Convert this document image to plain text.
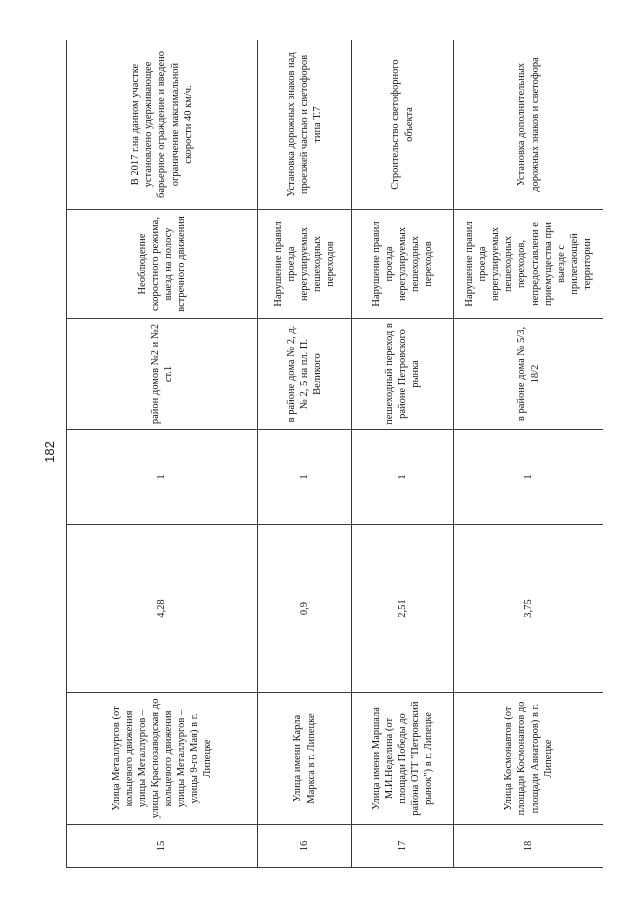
182
15	Улица Металлургов (от кольцевого движения улицы Металлургов – улицы Краснозаводская до кольцевого движения улицы Металлургов – улицы 9-го Мая) в г. Липецке	4,28	1	район домов №2 и №2 ст.1	Необлюдение скоростного режима, выезд на полосу встречного движения	В 2017 г.на данном участке установлено удерживающее барьерное ограждение и введено ограничение максимальной скорости 40 км/ч.
16	Улица имени Карла Маркса в г. Липецке	0,9	1	в районе дома № 2, д. № 2, 5 на пл. П. Великого	Нарушение правил проезда нерегулируемых пешеходных переходов	Установка дорожных знаков над проезжей частью и светофоров типа Т.7
17	Улица имени Маршала М.И.Неделина (от площади Победы до района ОТТ "Петровский рынок") в г. Липецке	2,51	1	пешеходный переход в районе Петровского рынка	Нарушение правил проезда нерегулируемых пешеходных переходов	Строительство светофорного объекта
18	Улица Космонавтов (от площади Космонавтов до площади Авиаторов) в г. Липецке	3,75	1	в районе дома № 5/3, 18/2	Нарушение правил проезда нерегулируемых пешеходных переходов, непредоставлени е приемущества при выезде с прилегающей территории	Установка дополнительных дорожных знаков и светофора
